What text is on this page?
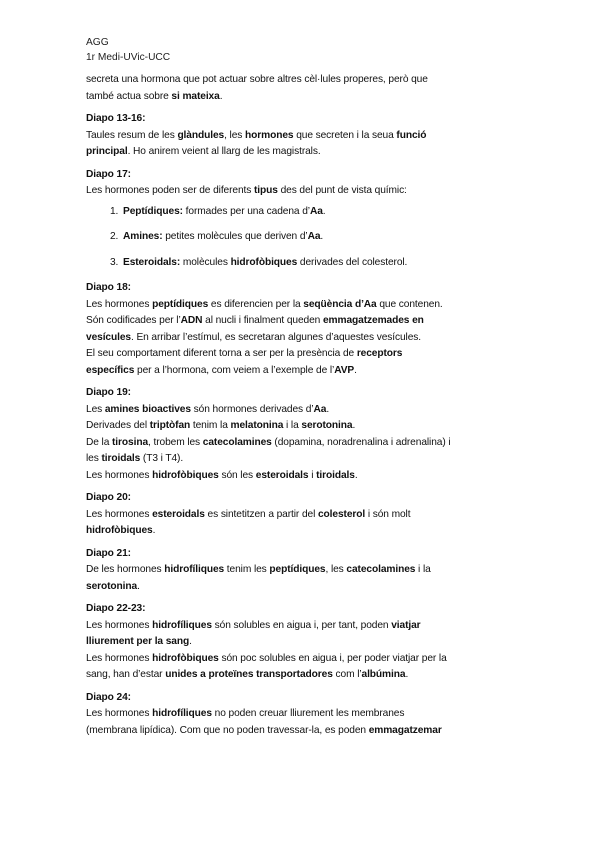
AGG
1r Medi-UVic-UCC

secreta una hormona que pot actuar sobre altres cèl·lules properes, però que

també actua sobre si mateixa.

Diapo 13-16:

Taules resum de les glàndules, les hormones que secreten i la seua funció

principal. Ho anirem veient al llarg de les magistrals.

Diapo 17:

Les hormones poden ser de diferents tipus des del punt de vista químic:

1. Peptídiques: formades per una cadena d’Aa.
2. Amines: petites molècules que deriven d’Aa.
3. Esteroidals: molècules hidrofòbiques derivades del colesterol.
Diapo 18:

Les hormones peptídiques es diferencien per la seqüència d’Aa que contenen.

Són codificades per l’ADN al nucli i finalment queden emmagatzemades en

vesícules. En arribar l’estímul, es secretaran algunes d’aquestes vesícules.

El seu comportament diferent torna a ser per la presència de receptors

específics per a l’hormona, com veiem a l’exemple de l’AVP.

Diapo 19:

Les amines bioactives són hormones derivades d’Aa.

Derivades del triptòfan tenim la melatonina i la serotonina.

De la tirosina, trobem les catecolamines (dopamina, noradrenalina i adrenalina) i

les tiroidals (T3 i T4).

Les hormones hidrofòbiques són les esteroidals i tiroidals.

Diapo 20:

Les hormones esteroidals es sintetitzen a partir del colesterol i són molt

hidrofòbiques.

Diapo 21:

De les hormones hidrofíliques tenim les peptídiques, les catecolamines i la

serotonina.

Diapo 22-23:

Les hormones hidrofíliques són solubles en aigua i, per tant, poden viatjar

lliurement per la sang.

Les hormones hidrofòbiques són poc solubles en aigua i, per poder viatjar per la

sang, han d’estar unides a proteïnes transportadores com l’albúmina.

Diapo 24:

Les hormones hidrofíliques no poden creuar lliurement les membranes

(membrana lipídica). Com que no poden travessar-la, es poden emmagatzemar
